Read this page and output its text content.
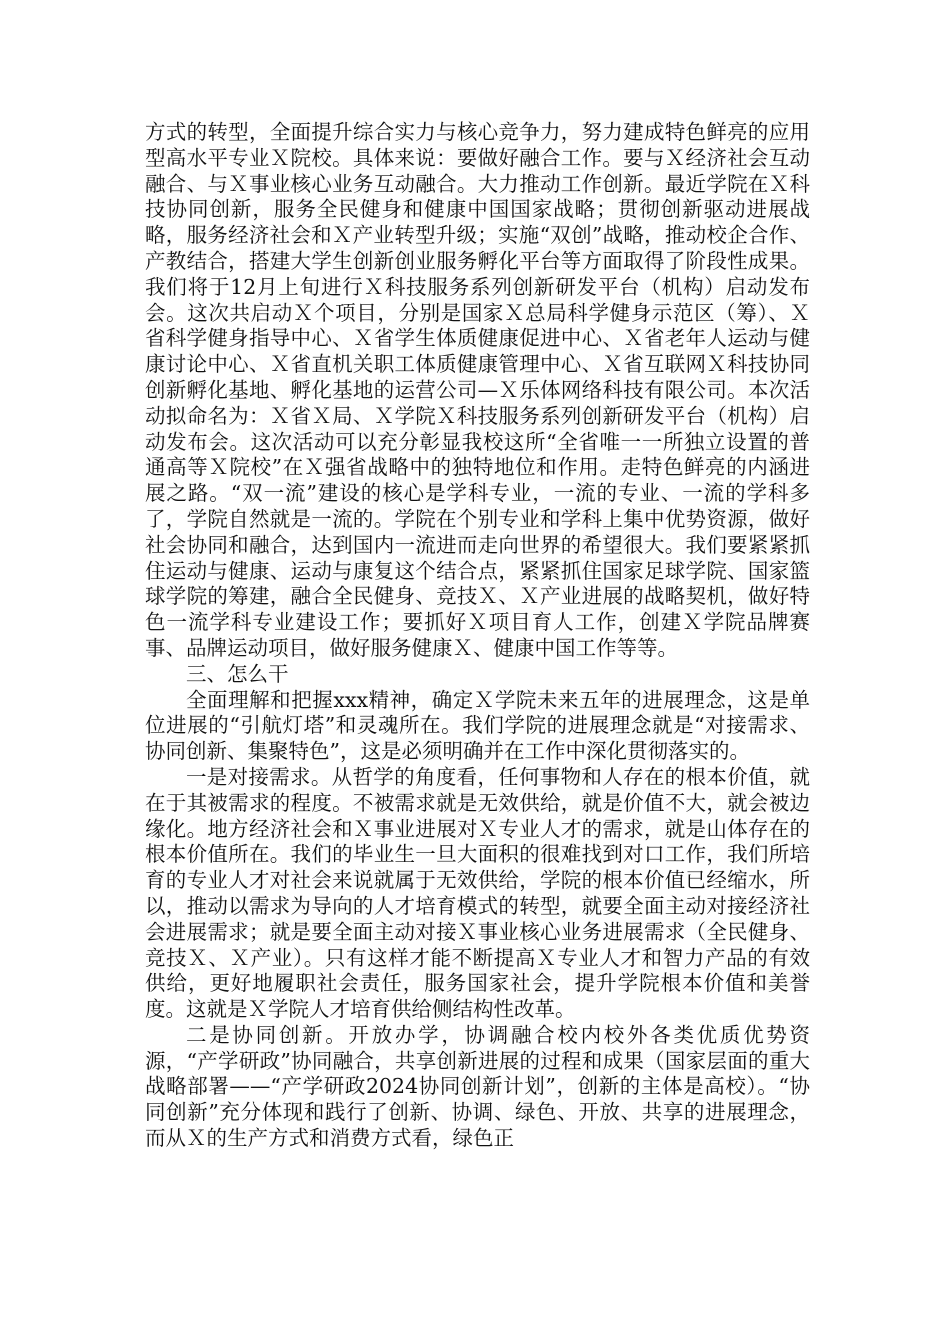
方式的转型，全面提升综合实力与核心竞争力，努力建成特色鲜亮的应用型高水平专业Ｘ院校。具体来说：要做好融合工作。要与Ｘ经济社会互动融合、与Ｘ事业核心业务互动融合。大力推动工作创新。最近学院在Ｘ科技协同创新，服务全民健身和健康中国国家战略；贯彻创新驱动进展战略，服务经济社会和Ｘ产业转型升级；实施“双创”战略，推动校企合作、产教结合，搭建大学生创新创业服务孵化平台等方面取得了阶段性成果。我们将于12月上旬进行Ｘ科技服务系列创新研发平台（机构）启动发布会。这次共启动Ｘ个项目，分别是国家Ｘ总局科学健身示范区（筹）、Ｘ省科学健身指导中心、Ｘ省学生体质健康促进中心、Ｘ省老年人运动与健康讨论中心、Ｘ省直机关职工体质健康管理中心、Ｘ省互联网Ｘ科技协同创新孵化基地、孵化基地的运营公司—Ｘ乐体网络科技有限公司。本次活动拟命名为：Ｘ省Ｘ局、Ｘ学院Ｘ科技服务系列创新研发平台（机构）启动发布会。这次活动可以充分彰显我校这所“全省唯一一所独立设置的普通高等Ｘ院校”在Ｘ强省战略中的独特地位和作用。走特色鲜亮的内涵进展之路。“双一流”建设的核心是学科专业，一流的专业、一流的学科多了，学院自然就是一流的。学院在个别专业和学科上集中优势资源，做好社会协同和融合，达到国内一流进而走向世界的希望很大。我们要紧紧抓住运动与健康、运动与康复这个结合点，紧紧抓住国家足球学院、国家篮球学院的筹建，融合全民健身、竞技Ｘ、Ｘ产业进展的战略契机，做好特色一流学科专业建设工作；要抓好Ｘ项目育人工作，创建Ｘ学院品牌赛事、品牌运动项目，做好服务健康Ｘ、健康中国工作等等。

三、怎么干

全面理解和把握xxx精神，确定Ｘ学院未来五年的进展理念，这是单位进展的“引航灯塔”和灵魂所在。我们学院的进展理念就是“对接需求、协同创新、集聚特色”，这是必须明确并在工作中深化贯彻落实的。

一是对接需求。从哲学的角度看，任何事物和人存在的根本价值，就在于其被需求的程度。不被需求就是无效供给，就是价值不大，就会被边缘化。地方经济社会和Ｘ事业进展对Ｘ专业人才的需求，就是山体存在的根本价值所在。我们的毕业生一旦大面积的很难找到对口工作，我们所培育的专业人才对社会来说就属于无效供给，学院的根本价值已经缩水，所以，推动以需求为导向的人才培育模式的转型，就要全面主动对接经济社会进展需求；就是要全面主动对接Ｘ事业核心业务进展需求（全民健身、竞技Ｘ、Ｘ产业）。只有这样才能不断提高Ｘ专业人才和智力产品的有效供给，更好地履职社会责任，服务国家社会，提升学院根本价值和美誉度。这就是Ｘ学院人才培育供给侧结构性改革。

二是协同创新。开放办学，协调融合校内校外各类优质优势资源，“产学研政”协同融合，共享创新进展的过程和成果（国家层面的重大战略部署——“产学研政2024协同创新计划”，创新的主体是高校）。“协同创新”充分体现和践行了创新、协调、绿色、开放、共享的进展理念，而从Ｘ的生产方式和消费方式看，绿色正
